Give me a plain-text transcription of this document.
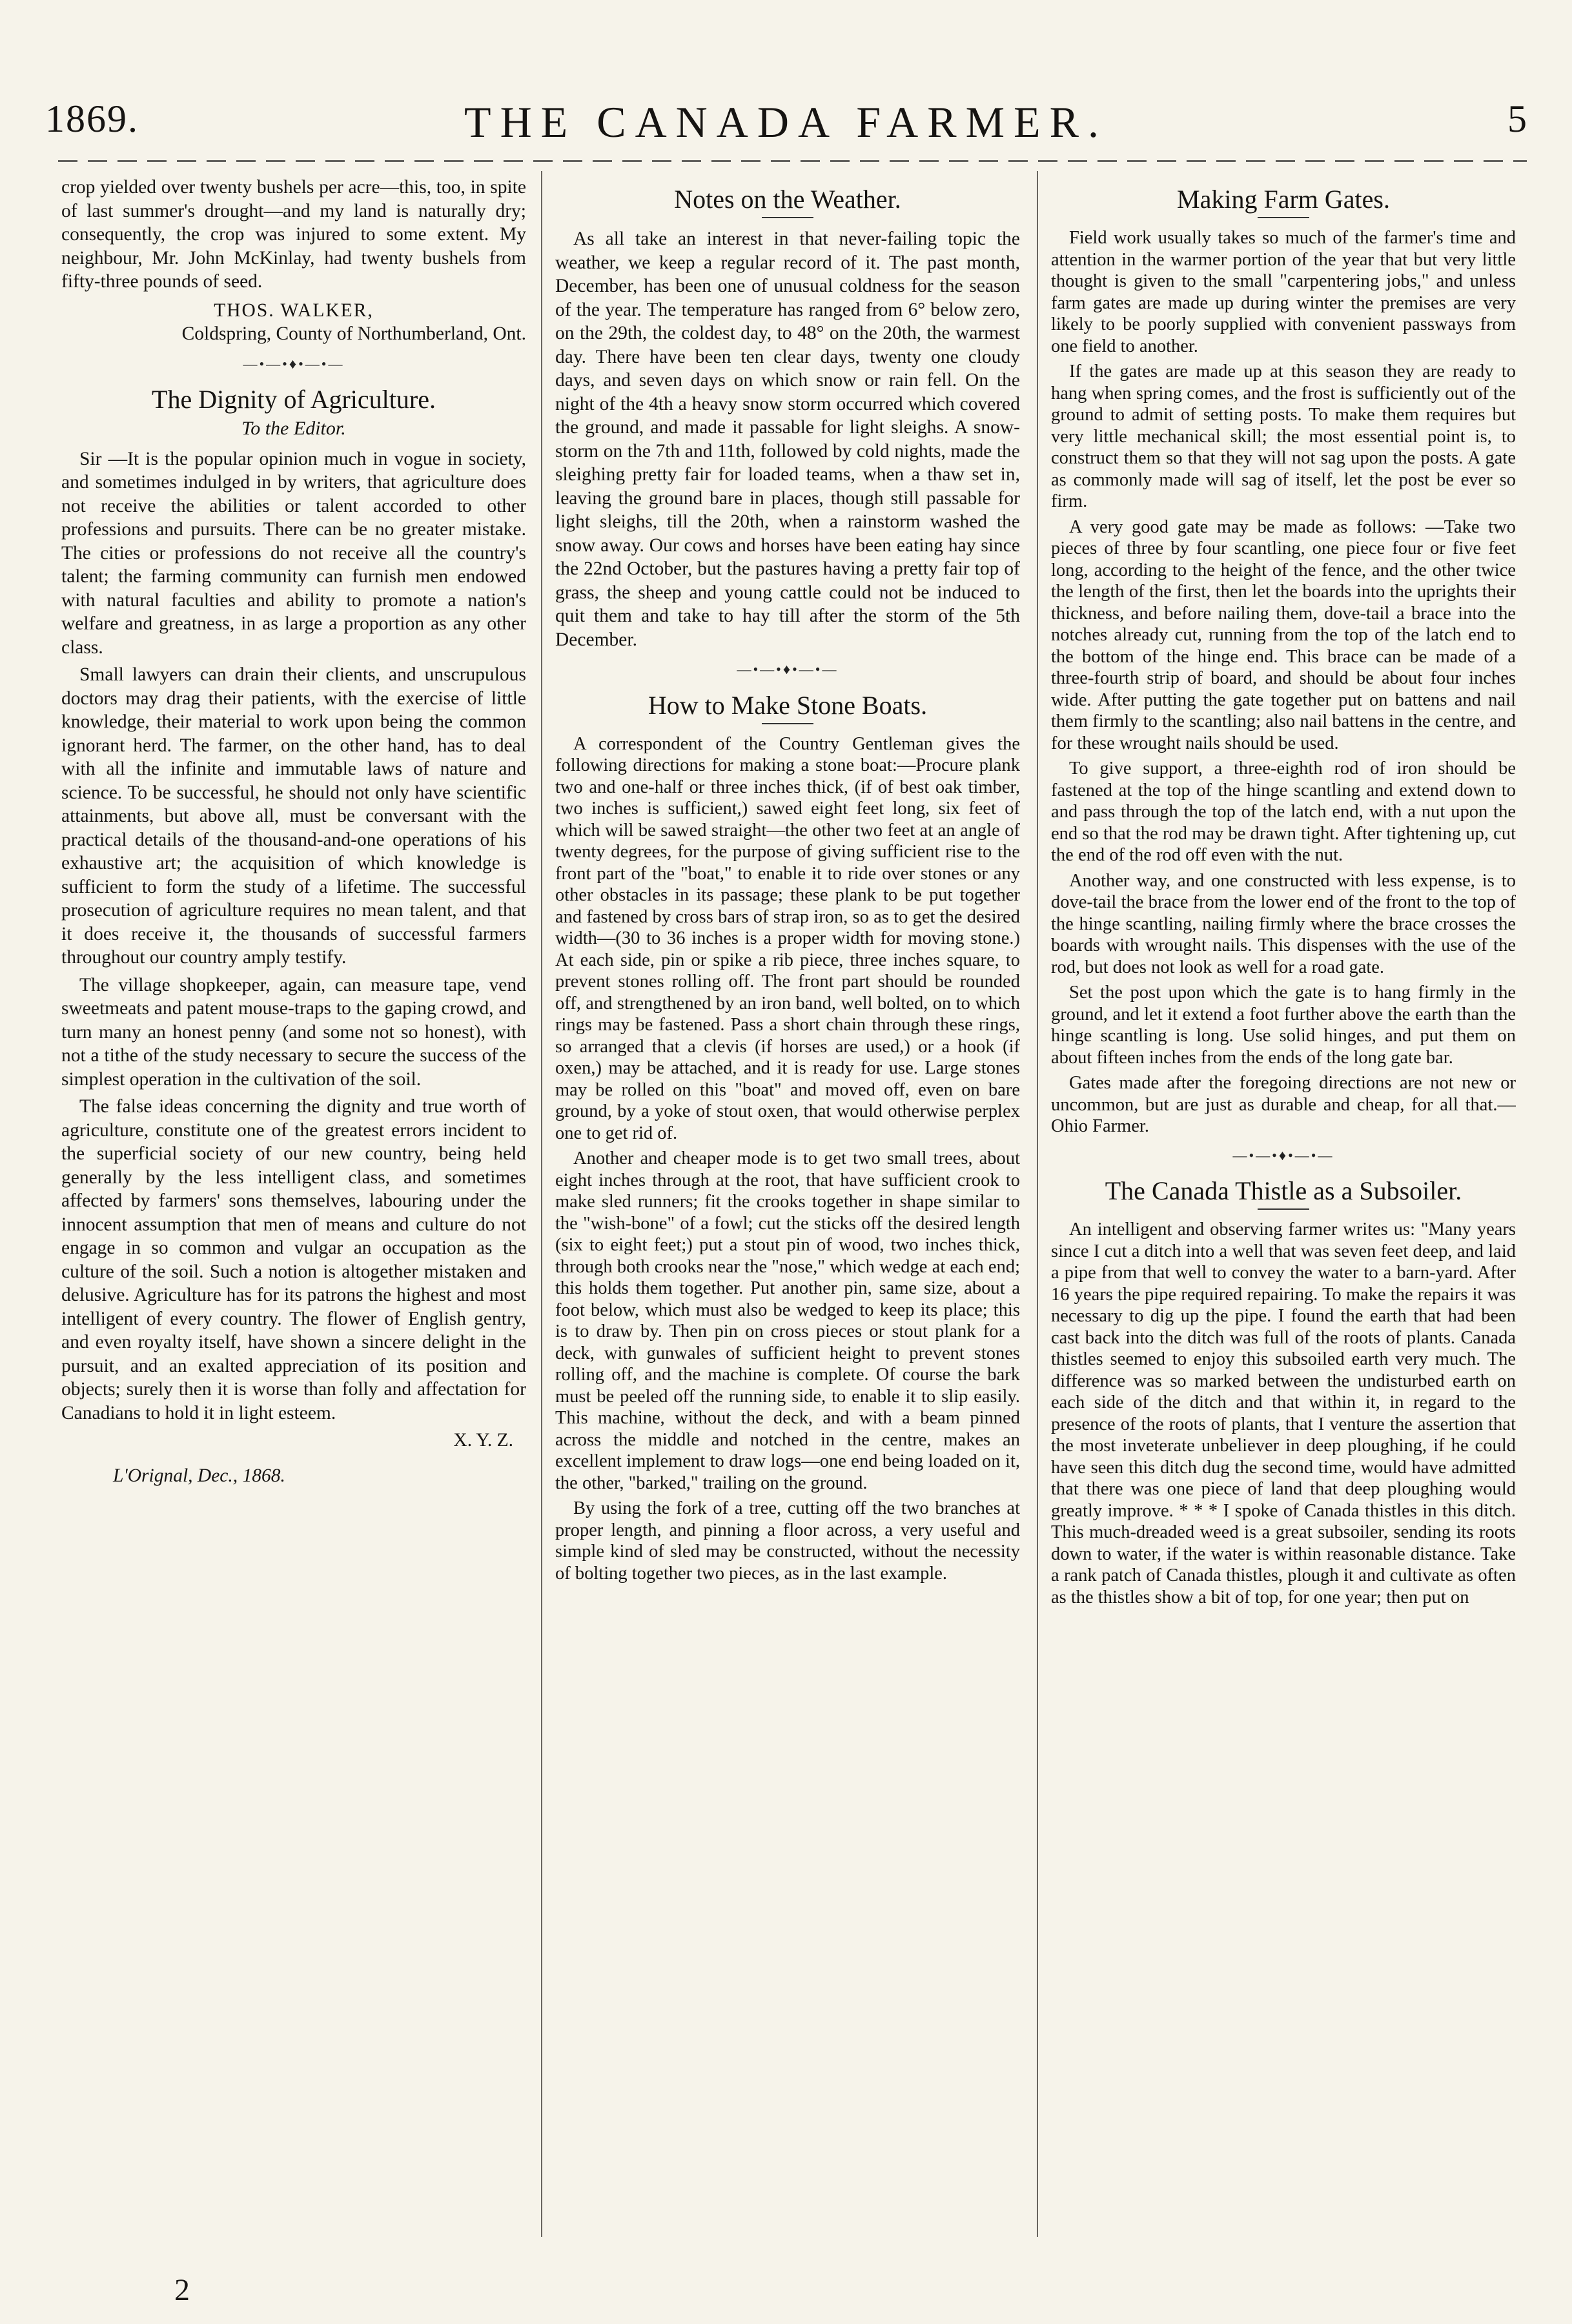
1869.	THE CANADA FARMER.	5

crop yielded over twenty bushels per acre—this, too, in spite of last summer's drought—and my land is naturally dry; consequently, the crop was injured to some extent. My neighbour, Mr. John McKinlay, had twenty bushels from fifty-three pounds of seed.

THOS. WALKER,
Coldspring, County of Northumberland, Ont.
—•—•♦•—•—
The Dignity of Agriculture.
To the Editor.

Sir —It is the popular opinion much in vogue in society, and sometimes indulged in by writers, that agriculture does not receive the abilities or talent accorded to other professions and pursuits. There can be no greater mistake. The cities or professions do not receive all the country's talent; the farming community can furnish men endowed with natural faculties and ability to promote a nation's welfare and greatness, in as large a proportion as any other class.

Small lawyers can drain their clients, and unscrupulous doctors may drag their patients, with the exercise of little knowledge, their material to work upon being the common ignorant herd. The farmer, on the other hand, has to deal with all the infinite and immutable laws of nature and science. To be successful, he should not only have scientific attainments, but above all, must be conversant with the practical details of the thousand-and-one operations of his exhaustive art; the acquisition of which knowledge is sufficient to form the study of a lifetime. The successful prosecution of agriculture requires no mean talent, and that it does receive it, the thousands of successful farmers throughout our country amply testify.

The village shopkeeper, again, can measure tape, vend sweetmeats and patent mouse-traps to the gaping crowd, and turn many an honest penny (and some not so honest), with not a tithe of the study necessary to secure the success of the simplest operation in the cultivation of the soil.

The false ideas concerning the dignity and true worth of agriculture, constitute one of the greatest errors incident to the superficial society of our new country, being held generally by the less intelligent class, and sometimes affected by farmers' sons themselves, labouring under the innocent assumption that men of means and culture do not engage in so common and vulgar an occupation as the culture of the soil. Such a notion is altogether mistaken and delusive. Agriculture has for its patrons the highest and most intelligent of every country. The flower of English gentry, and even royalty itself, have shown a sincere delight in the pursuit, and an exalted appreciation of its position and objects; surely then it is worse than folly and affectation for Canadians to hold it in light esteem.

X. Y. Z.
L'Orignal, Dec., 1868.
Notes on the Weather.

As all take an interest in that never-failing topic the weather, we keep a regular record of it. The past month, December, has been one of unusual coldness for the season of the year. The temperature has ranged from 6° below zero, on the 29th, the coldest day, to 48° on the 20th, the warmest day. There have been ten clear days, twenty one cloudy days, and seven days on which snow or rain fell. On the night of the 4th a heavy snow storm occurred which covered the ground, and made it passable for light sleighs. A snow-storm on the 7th and 11th, followed by cold nights, made the sleighing pretty fair for loaded teams, when a thaw set in, leaving the ground bare in places, though still passable for light sleighs, till the 20th, when a rainstorm washed the snow away. Our cows and horses have been eating hay since the 22nd October, but the pastures having a pretty fair top of grass, the sheep and young cattle could not be induced to quit them and take to hay till after the storm of the 5th December.

—•—•♦•—•—
How to Make Stone Boats.

A correspondent of the Country Gentleman gives the following directions for making a stone boat:—Procure plank two and one-half or three inches thick, (if of best oak timber, two inches is sufficient,) sawed eight feet long, six feet of which will be sawed straight—the other two feet at an angle of twenty degrees, for the purpose of giving sufficient rise to the front part of the "boat," to enable it to ride over stones or any other obstacles in its passage; these plank to be put together and fastened by cross bars of strap iron, so as to get the desired width—(30 to 36 inches is a proper width for moving stone.) At each side, pin or spike a rib piece, three inches square, to prevent stones rolling off. The front part should be rounded off, and strengthened by an iron band, well bolted, on to which rings may be fastened. Pass a short chain through these rings, so arranged that a clevis (if horses are used,) or a hook (if oxen,) may be attached, and it is ready for use. Large stones may be rolled on this "boat" and moved off, even on bare ground, by a yoke of stout oxen, that would otherwise perplex one to get rid of.

Another and cheaper mode is to get two small trees, about eight inches through at the root, that have sufficient crook to make sled runners; fit the crooks together in shape similar to the "wish-bone" of a fowl; cut the sticks off the desired length (six to eight feet;) put a stout pin of wood, two inches thick, through both crooks near the "nose," which wedge at each end; this holds them together. Put another pin, same size, about a foot below, which must also be wedged to keep its place; this is to draw by. Then pin on cross pieces or stout plank for a deck, with gunwales of sufficient height to prevent stones rolling off, and the machine is complete. Of course the bark must be peeled off the running side, to enable it to slip easily. This machine, without the deck, and with a beam pinned across the middle and notched in the centre, makes an excellent implement to draw logs—one end being loaded on it, the other, "barked," trailing on the ground.

By using the fork of a tree, cutting off the two branches at proper length, and pinning a floor across, a very useful and simple kind of sled may be constructed, without the necessity of bolting together two pieces, as in the last example.

Making Farm Gates.

Field work usually takes so much of the farmer's time and attention in the warmer portion of the year that but very little thought is given to the small "carpentering jobs," and unless farm gates are made up during winter the premises are very likely to be poorly supplied with convenient passways from one field to another.

If the gates are made up at this season they are ready to hang when spring comes, and the frost is sufficiently out of the ground to admit of setting posts. To make them requires but very little mechanical skill; the most essential point is, to construct them so that they will not sag upon the posts. A gate as commonly made will sag of itself, let the post be ever so firm.

A very good gate may be made as follows: —Take two pieces of three by four scantling, one piece four or five feet long, according to the height of the fence, and the other twice the length of the first, then let the boards into the uprights their thickness, and before nailing them, dove-tail a brace into the notches already cut, running from the top of the latch end to the bottom of the hinge end. This brace can be made of a three-fourth strip of board, and should be about four inches wide. After putting the gate together put on battens and nail them firmly to the scantling; also nail battens in the centre, and for these wrought nails should be used.

To give support, a three-eighth rod of iron should be fastened at the top of the hinge scantling and extend down to and pass through the top of the latch end, with a nut upon the end so that the rod may be drawn tight. After tightening up, cut the end of the rod off even with the nut.

Another way, and one constructed with less expense, is to dove-tail the brace from the lower end of the front to the top of the hinge scantling, nailing firmly where the brace crosses the boards with wrought nails. This dispenses with the use of the rod, but does not look as well for a road gate.

Set the post upon which the gate is to hang firmly in the ground, and let it extend a foot further above the earth than the hinge scantling is long. Use solid hinges, and put them on about fifteen inches from the ends of the long gate bar.

Gates made after the foregoing directions are not new or uncommon, but are just as durable and cheap, for all that.—Ohio Farmer.

—•—•♦•—•—
The Canada Thistle as a Subsoiler.

An intelligent and observing farmer writes us: "Many years since I cut a ditch into a well that was seven feet deep, and laid a pipe from that well to convey the water to a barn-yard. After 16 years the pipe required repairing. To make the repairs it was necessary to dig up the pipe. I found the earth that had been cast back into the ditch was full of the roots of plants. Canada thistles seemed to enjoy this subsoiled earth very much. The difference was so marked between the undisturbed earth on each side of the ditch and that within it, in regard to the presence of the roots of plants, that I venture the assertion that the most inveterate unbeliever in deep ploughing, if he could have seen this ditch dug the second time, would have admitted that there was one piece of land that deep ploughing would greatly improve. * * * I spoke of Canada thistles in this ditch. This much-dreaded weed is a great subsoiler, sending its roots down to water, if the water is within reasonable distance. Take a rank patch of Canada thistles, plough it and cultivate as often as the thistles show a bit of top, for one year; then put on

2
